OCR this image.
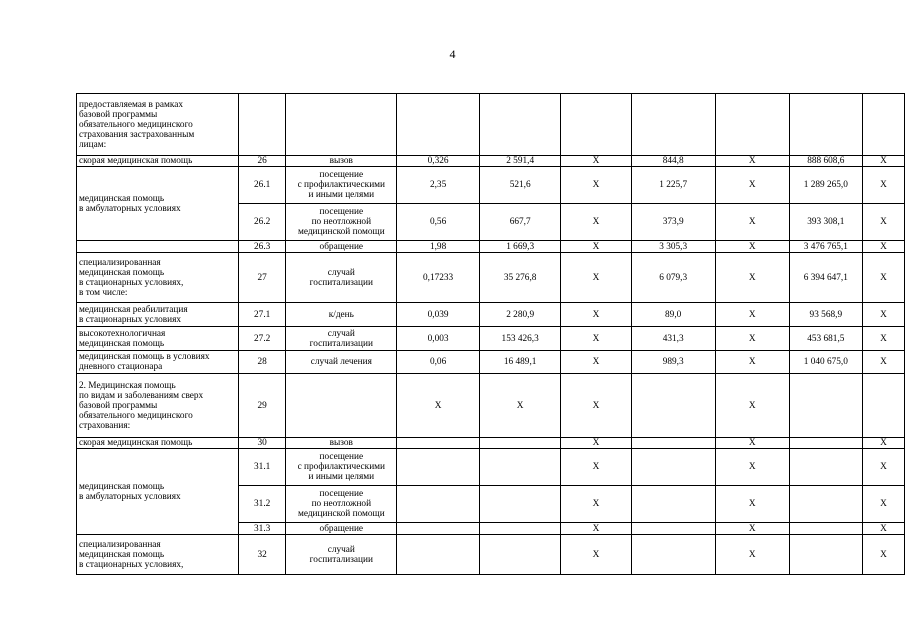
4
предоставляемая в рамках
базовой программы
обязательного медицинского
страхования застрахованным
лицам:									

скорая медицинская помощь	26	вызов	0,326	2 591,4	X	844,8	X	888 608,6	X

медицинская помощь
в амбулаторных условиях	26.1	посещение
с профилактическими
и иными целями	2,35	521,6	X	1 225,7	X	1 289 265,0	X
	26.2	посещение
по неотложной
медицинской помощи	0,56	667,7	X	373,9	X	393 308,1	X
	26.3	обращение	1,98	1 669,3	X	3 305,3	X	3 476 765,1	X

специализированная
медицинская помощь
в стационарных условиях,
в том числе:	27	случай
госпитализации	0,17233	35 276,8	X	6 079,3	X	6 394 647,1	X

медицинская реабилитация
в стационарных условиях	27.1	к/день	0,039	2 280,9	X	89,0	X	93 568,9	X

высокотехнологичная
медицинская помощь	27.2	случай
госпитализации	0,003	153 426,3	X	431,3	X	453 681,5	X

медицинская помощь в условиях
дневного стационара	28	случай лечения	0,06	16 489,1	X	989,3	X	1 040 675,0	X

2. Медицинская помощь
по видам и заболеваниям сверх
базовой программы
обязательного медицинского
страхования:	29		X	X	X		X		

скорая медицинская помощь	30	вызов			X		X		X

медицинская помощь
в амбулаторных условиях	31.1	посещение
с профилактическими
и иными целями			X		X		X
	31.2	посещение
по неотложной
медицинской помощи			X		X		X
	31.3	обращение			X		X		X

специализированная
медицинская помощь
в стационарных условиях,	32	случай
госпитализации			X		X		X
